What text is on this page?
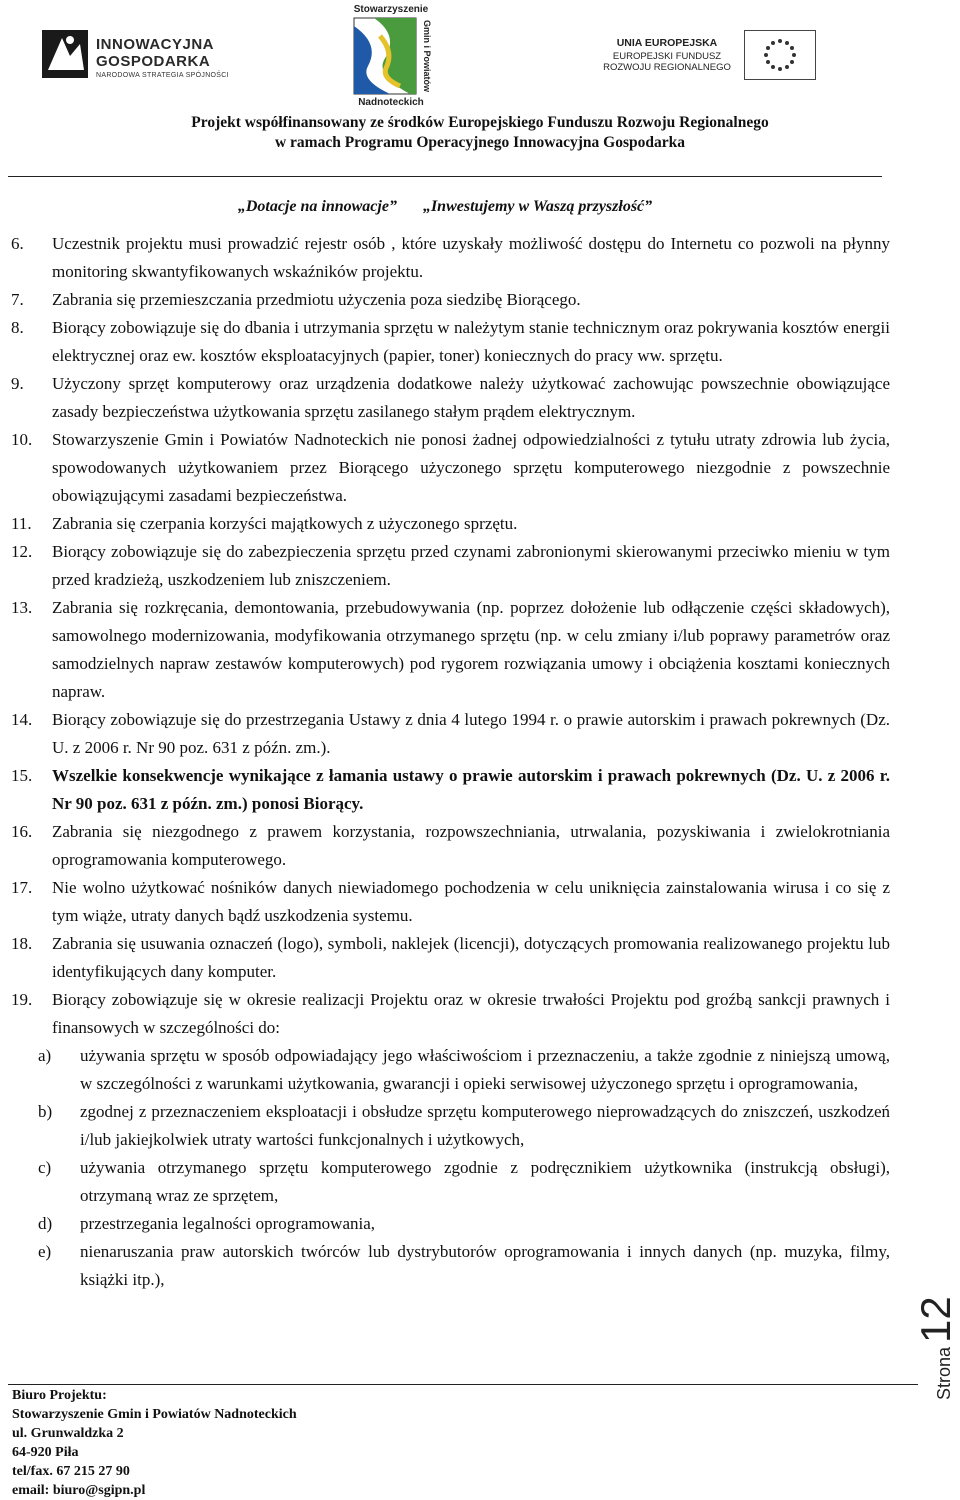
INNOWACYJNA
GOSPODARKA
NARODOWA STRATEGIA SPÓJNOŚCI
Stowarzyszenie
Gmin i Powiatów
Nadnoteckich
UNIA EUROPEJSKA
EUROPEJSKI FUNDUSZ
ROZWOJU REGIONALNEGO
Projekt współfinansowany ze środków Europejskiego Funduszu Rozwoju Regionalnego
w ramach Programu Operacyjnego Innowacyjna Gospodarka
„Dotacje na innowacje” „Inwestujemy w Waszą przyszłość”

6.	Uczestnik projektu musi prowadzić rejestr osób , które uzyskały możliwość dostępu do Internetu co pozwoli na płynny monitoring skwantyfikowanych wskaźników projektu.

7.	Zabrania się przemieszczania przedmiotu użyczenia poza siedzibę Biorącego.

8.	Biorący zobowiązuje się do dbania i utrzymania sprzętu w należytym stanie technicznym oraz pokrywania kosztów energii elektrycznej oraz ew. kosztów eksploatacyjnych (papier, toner) koniecznych do pracy ww. sprzętu.

9.	Użyczony sprzęt komputerowy oraz urządzenia dodatkowe należy użytkować zachowując powszechnie obowiązujące zasady bezpieczeństwa użytkowania sprzętu zasilanego stałym prądem elektrycznym.

10.	Stowarzyszenie Gmin i Powiatów Nadnoteckich nie ponosi żadnej odpowiedzialności z tytułu utraty zdrowia lub życia, spowodowanych użytkowaniem przez Biorącego użyczonego sprzętu komputerowego niezgodnie z powszechnie obowiązującymi zasadami bezpieczeństwa.

11.	Zabrania się czerpania korzyści majątkowych z użyczonego sprzętu.

12.	Biorący zobowiązuje się do zabezpieczenia sprzętu przed czynami zabronionymi skierowanymi przeciwko mieniu w tym przed kradzieżą, uszkodzeniem lub zniszczeniem.

13.	Zabrania się rozkręcania, demontowania, przebudowywania (np. poprzez dołożenie lub odłączenie części składowych), samowolnego modernizowania, modyfikowania otrzymanego sprzętu (np. w celu zmiany i/lub poprawy parametrów oraz samodzielnych napraw zestawów komputerowych) pod rygorem rozwiązania umowy i obciążenia kosztami koniecznych napraw.

14.	Biorący zobowiązuje się do przestrzegania Ustawy z dnia 4 lutego 1994 r. o prawie autorskim i prawach pokrewnych (Dz. U. z 2006 r. Nr 90 poz. 631 z późn. zm.).

15.	Wszelkie konsekwencje wynikające z łamania ustawy o prawie autorskim i prawach pokrewnych (Dz. U. z 2006 r. Nr 90 poz. 631 z późn. zm.) ponosi Biorący.

16.	Zabrania się niezgodnego z prawem korzystania, rozpowszechniania, utrwalania, pozyskiwania i zwielokrotniania oprogramowania komputerowego.

17.	Nie wolno użytkować nośników danych niewiadomego pochodzenia w celu uniknięcia zainstalowania wirusa i co się z tym wiąże, utraty danych bądź uszkodzenia systemu.

18.	Zabrania się usuwania oznaczeń (logo), symboli, naklejek (licencji), dotyczących promowania realizowanego projektu lub identyfikujących dany komputer.

19.	Biorący zobowiązuje się w okresie realizacji Projektu oraz w okresie trwałości Projektu pod groźbą sankcji prawnych i finansowych w szczególności do:

a)	używania sprzętu w sposób odpowiadający jego właściwościom i przeznaczeniu, a także zgodnie z niniejszą umową, w szczególności z warunkami użytkowania, gwarancji i opieki serwisowej użyczonego sprzętu i oprogramowania,

b)	zgodnej z przeznaczeniem eksploatacji i obsłudze sprzętu komputerowego nieprowadzących do zniszczeń, uszkodzeń i/lub jakiejkolwiek utraty wartości funkcjonalnych i użytkowych,

c)	używania otrzymanego sprzętu komputerowego zgodnie z podręcznikiem użytkownika (instrukcją obsługi), otrzymaną wraz ze sprzętem,

d)	przestrzegania legalności oprogramowania,

e)	nienaruszania praw autorskich twórców lub dystrybutorów oprogramowania i innych danych (np. muzyka, filmy, książki itp.),

Biuro Projektu:
Stowarzyszenie Gmin i Powiatów Nadnoteckich
ul. Grunwaldzka 2
64-920 Piła
tel/fax. 67 215 27 90
email: biuro@sgipn.pl
Strona12
